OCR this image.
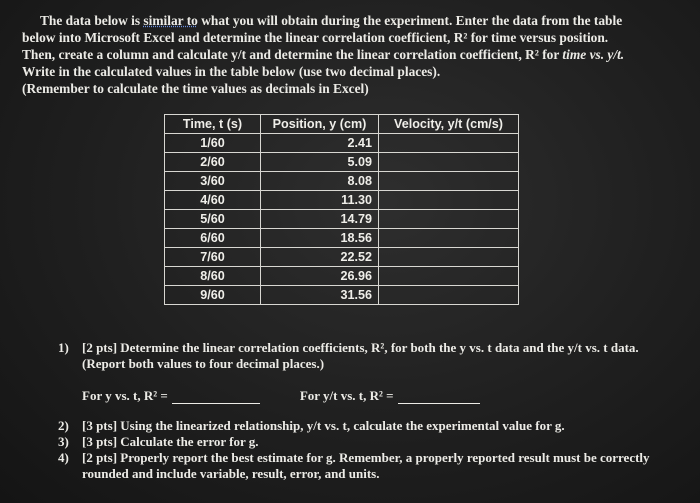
The data below is similar to what you will obtain during the experiment. Enter the data from the table
below into Microsoft Excel and determine the linear correlation coefficient, R² for time versus position.
Then, create a column and calculate y/t and determine the linear correlation coefficient, R² for time vs. y/t.
Write in the calculated values in the table below (use two decimal places).
(Remember to calculate the time values as decimals in Excel)
Time, t (s)	Position, y (cm)	Velocity, y/t (cm/s)
1/60	2.41	
2/60	5.09	
3/60	8.08	
4/60	11.30	
5/60	14.79	
6/60	18.56	
7/60	22.52	
8/60	26.96	
9/60	31.56	
1)	[2 pts] Determine the linear correlation coefficients, R², for both the y vs. t data and the y/t vs. t data. (Report both values to four decimal places.)
For y vs. t, R² =	For y/t vs. t, R² =
2)	[3 pts] Using the linearized relationship, y/t vs. t, calculate the experimental value for g.
3)	[3 pts] Calculate the error for g.
4)	[2 pts] Properly report the best estimate for g. Remember, a properly reported result must be correctly rounded and include variable, result, error, and units.
